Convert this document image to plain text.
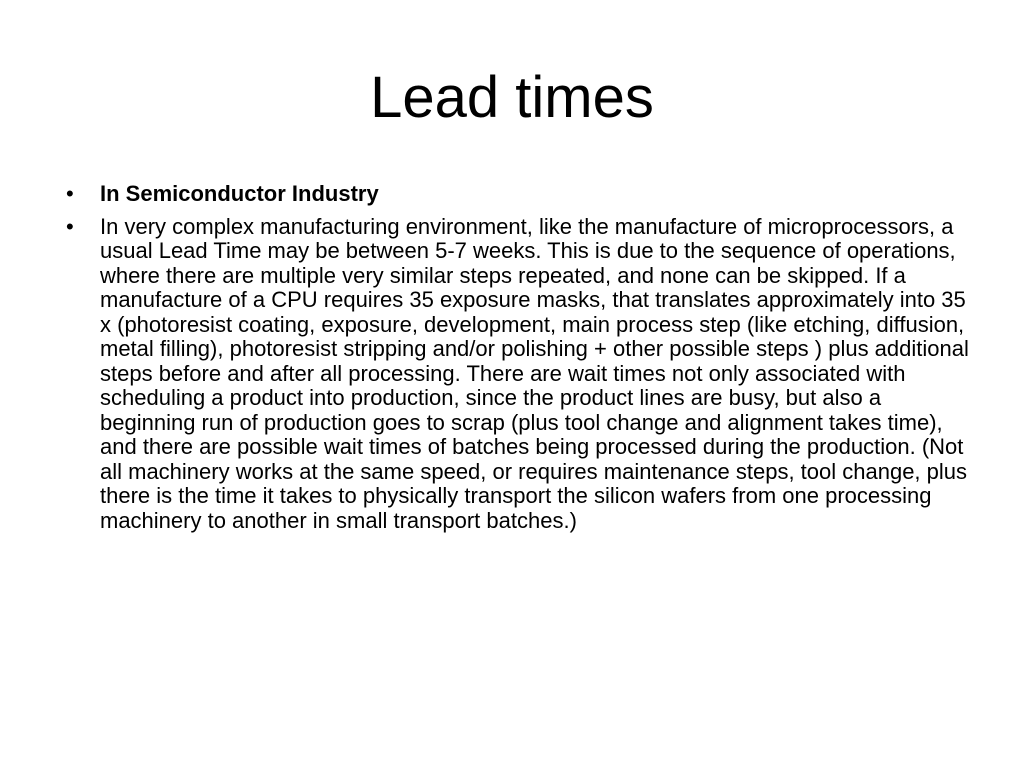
Lead times
• In Semiconductor Industry
• In very complex manufacturing environment, like the manufacture of microprocessors, a usual Lead Time may be between 5-7 weeks. This is due to the sequence of operations, where there are multiple very similar steps repeated, and none can be skipped. If a manufacture of a CPU requires 35 exposure masks, that translates approximately into 35 x (photoresist coating, exposure, development, main process step (like etching, diffusion, metal filling), photoresist stripping and/or polishing + other possible steps ) plus additional steps before and after all processing. There are wait times not only associated with scheduling a product into production, since the product lines are busy, but also a beginning run of production goes to scrap (plus tool change and alignment takes time), and there are possible wait times of batches being processed during the production. (Not all machinery works at the same speed, or requires maintenance steps, tool change, plus there is the time it takes to physically transport the silicon wafers from one processing machinery to another in small transport batches.)
